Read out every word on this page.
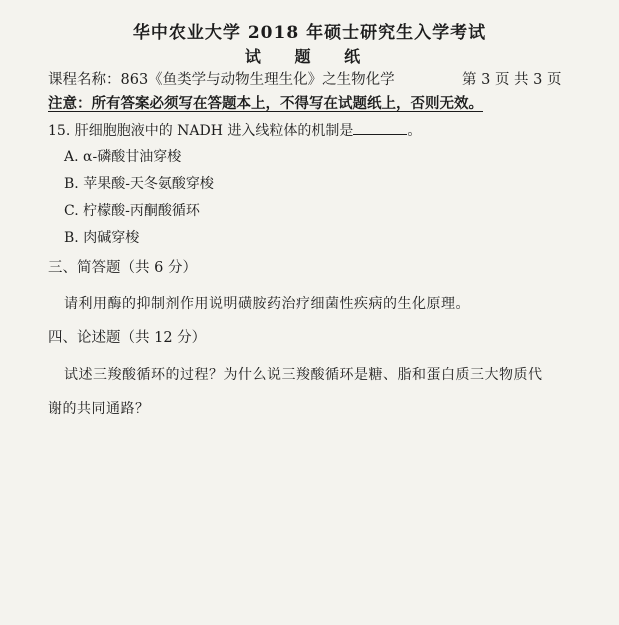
华中农业大学 2018 年硕士研究生入学考试
试 题 纸
课程名称：863《鱼类学与动物生理生化》之生物化学	第 3 页 共 3 页
注意：所有答案必须写在答题本上，不得写在试题纸上，否则无效。
15. 肝细胞胞液中的 NADH 进入线粒体的机制是	。
A. α-磷酸甘油穿梭
B. 苹果酸-天冬氨酸穿梭
C. 柠檬酸-丙酮酸循环
B. 肉碱穿梭
三、简答题（共 6 分）
请利用酶的抑制剂作用说明磺胺药治疗细菌性疾病的生化原理。
四、论述题（共 12 分）
试述三羧酸循环的过程？为什么说三羧酸循环是糖、脂和蛋白质三大物质代
谢的共同通路？
